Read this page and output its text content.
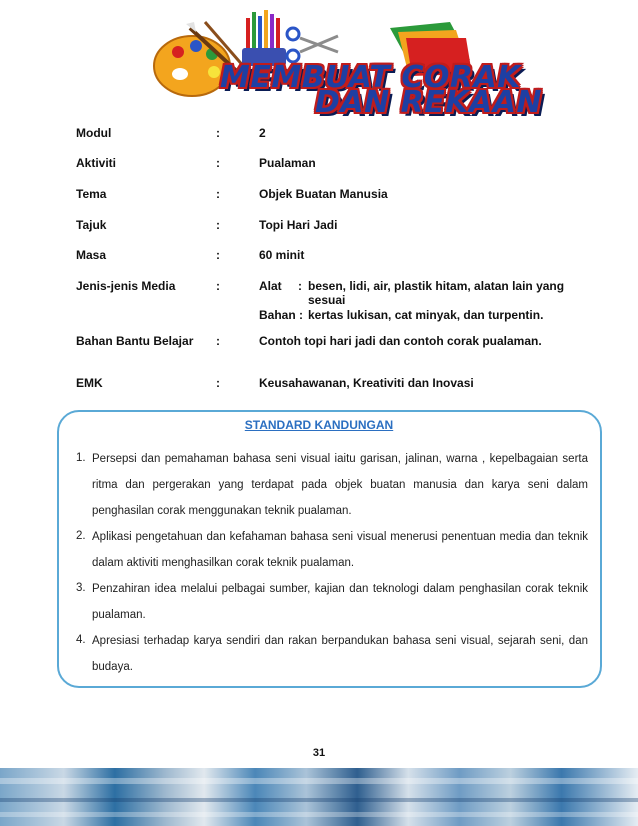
MEMBUAT CORAK
DAN REKAAN
Modul	:	2
Aktiviti	:	Pualaman
Tema	:	Objek Buatan Manusia
Tajuk	:	Topi Hari Jadi
Masa	:	60 minit
Jenis-jenis Media	:	Alat : besen, lidi, air, plastik hitam, alatan lain yang
sesuai
Bahan : kertas lukisan, cat minyak, dan turpentin.
Bahan Bantu Belajar :	Contoh topi hari jadi dan contoh corak pualaman.
EMK	:	Keusahawanan, Kreativiti dan Inovasi
STANDARD KANDUNGAN
1. Persepsi dan pemahaman bahasa seni visual iaitu garisan, jalinan, warna , kepelbagaian serta ritma dan pergerakan yang terdapat pada objek buatan manusia dan karya seni dalam penghasilan corak menggunakan teknik pualaman.
2. Aplikasi pengetahuan dan kefahaman bahasa seni visual menerusi penentuan media dan teknik dalam aktiviti menghasilkan corak teknik pualaman.
3. Penzahiran idea melalui pelbagai sumber, kajian dan teknologi dalam penghasilan corak teknik pualaman.
4. Apresiasi terhadap karya sendiri dan rakan berpandukan bahasa seni visual, sejarah seni, dan budaya.
31
